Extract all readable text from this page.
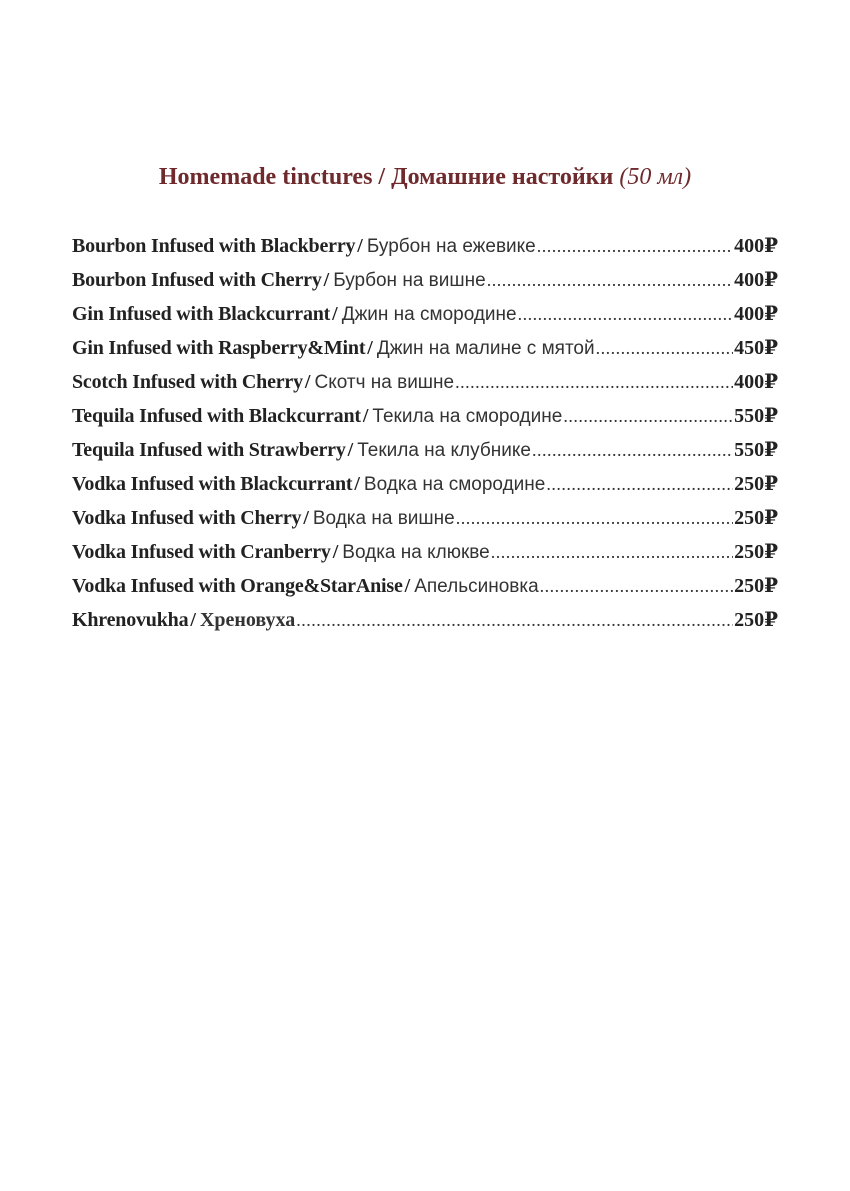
Homemade tinctures / Домашние настойки (50 мл)
Bourbon Infused with Blackberry / Бурбон на ежевике .....	400₽
Bourbon Infused with Cherry / Бурбон на вишне .....	400₽
Gin Infused with Blackcurrant / Джин на смородине .....	400₽
Gin Infused with Raspberry&Mint / Джин на малине с мятой .....	450₽
Scotch Infused with Cherry / Скотч на вишне .....	400₽
Tequila Infused with Blackcurrant / Текила на смородине .....	550₽
Tequila Infused with Strawberry / Текила на клубнике .....	550₽
Vodka Infused with Blackcurrant / Водка на смородине .....	250₽
Vodka Infused with Cherry / Водка на вишне .....	250₽
Vodka Infused with Cranberry / Водка на клюкве .....	250₽
Vodka Infused with Orange&StarAnise / Апельсиновка .....	250₽
Khrenovukha / Хреновуха .....	250₽
